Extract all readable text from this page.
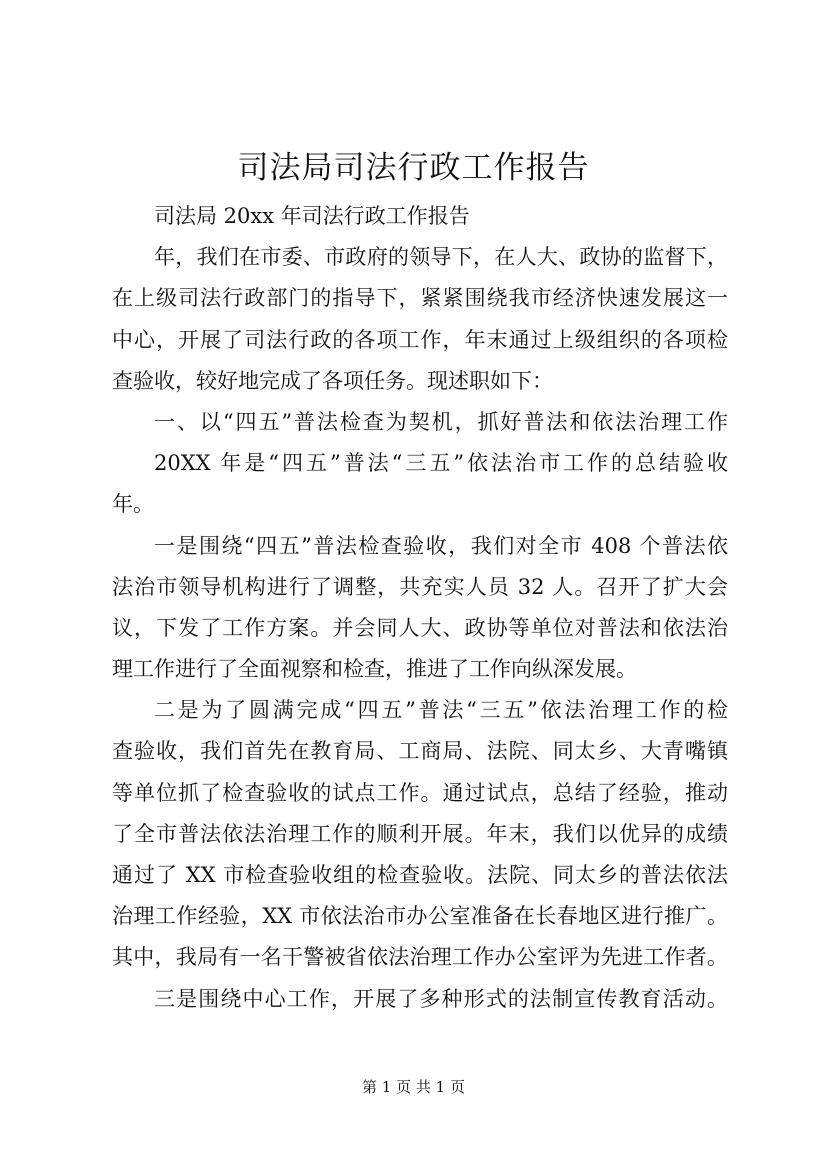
司法局司法行政工作报告
司法局 20xx 年司法行政工作报告
年，我们在市委、市政府的领导下，在人大、政协的监督下，
在上级司法行政部门的指导下，紧紧围绕我市经济快速发展这一
中心，开展了司法行政的各项工作，年末通过上级组织的各项检
查验收，较好地完成了各项任务。现述职如下：
一、以“四五”普法检查为契机，抓好普法和依法治理工作
20XX 年是“四五”普法“三五”依法治市工作的总结验收
年。
一是围绕“四五”普法检查验收，我们对全市 408 个普法依
法治市领导机构进行了调整，共充实人员 32 人。召开了扩大会
议，下发了工作方案。并会同人大、政协等单位对普法和依法治
理工作进行了全面视察和检查，推进了工作向纵深发展。
二是为了圆满完成“四五”普法“三五”依法治理工作的检
查验收，我们首先在教育局、工商局、法院、同太乡、大青嘴镇
等单位抓了检查验收的试点工作。通过试点，总结了经验，推动
了全市普法依法治理工作的顺利开展。年末，我们以优异的成绩
通过了 XX 市检查验收组的检查验收。法院、同太乡的普法依法
治理工作经验，XX 市依法治市办公室准备在长春地区进行推广。
其中，我局有一名干警被省依法治理工作办公室评为先进工作者。
三是围绕中心工作，开展了多种形式的法制宣传教育活动。
第 1 页 共 1 页
